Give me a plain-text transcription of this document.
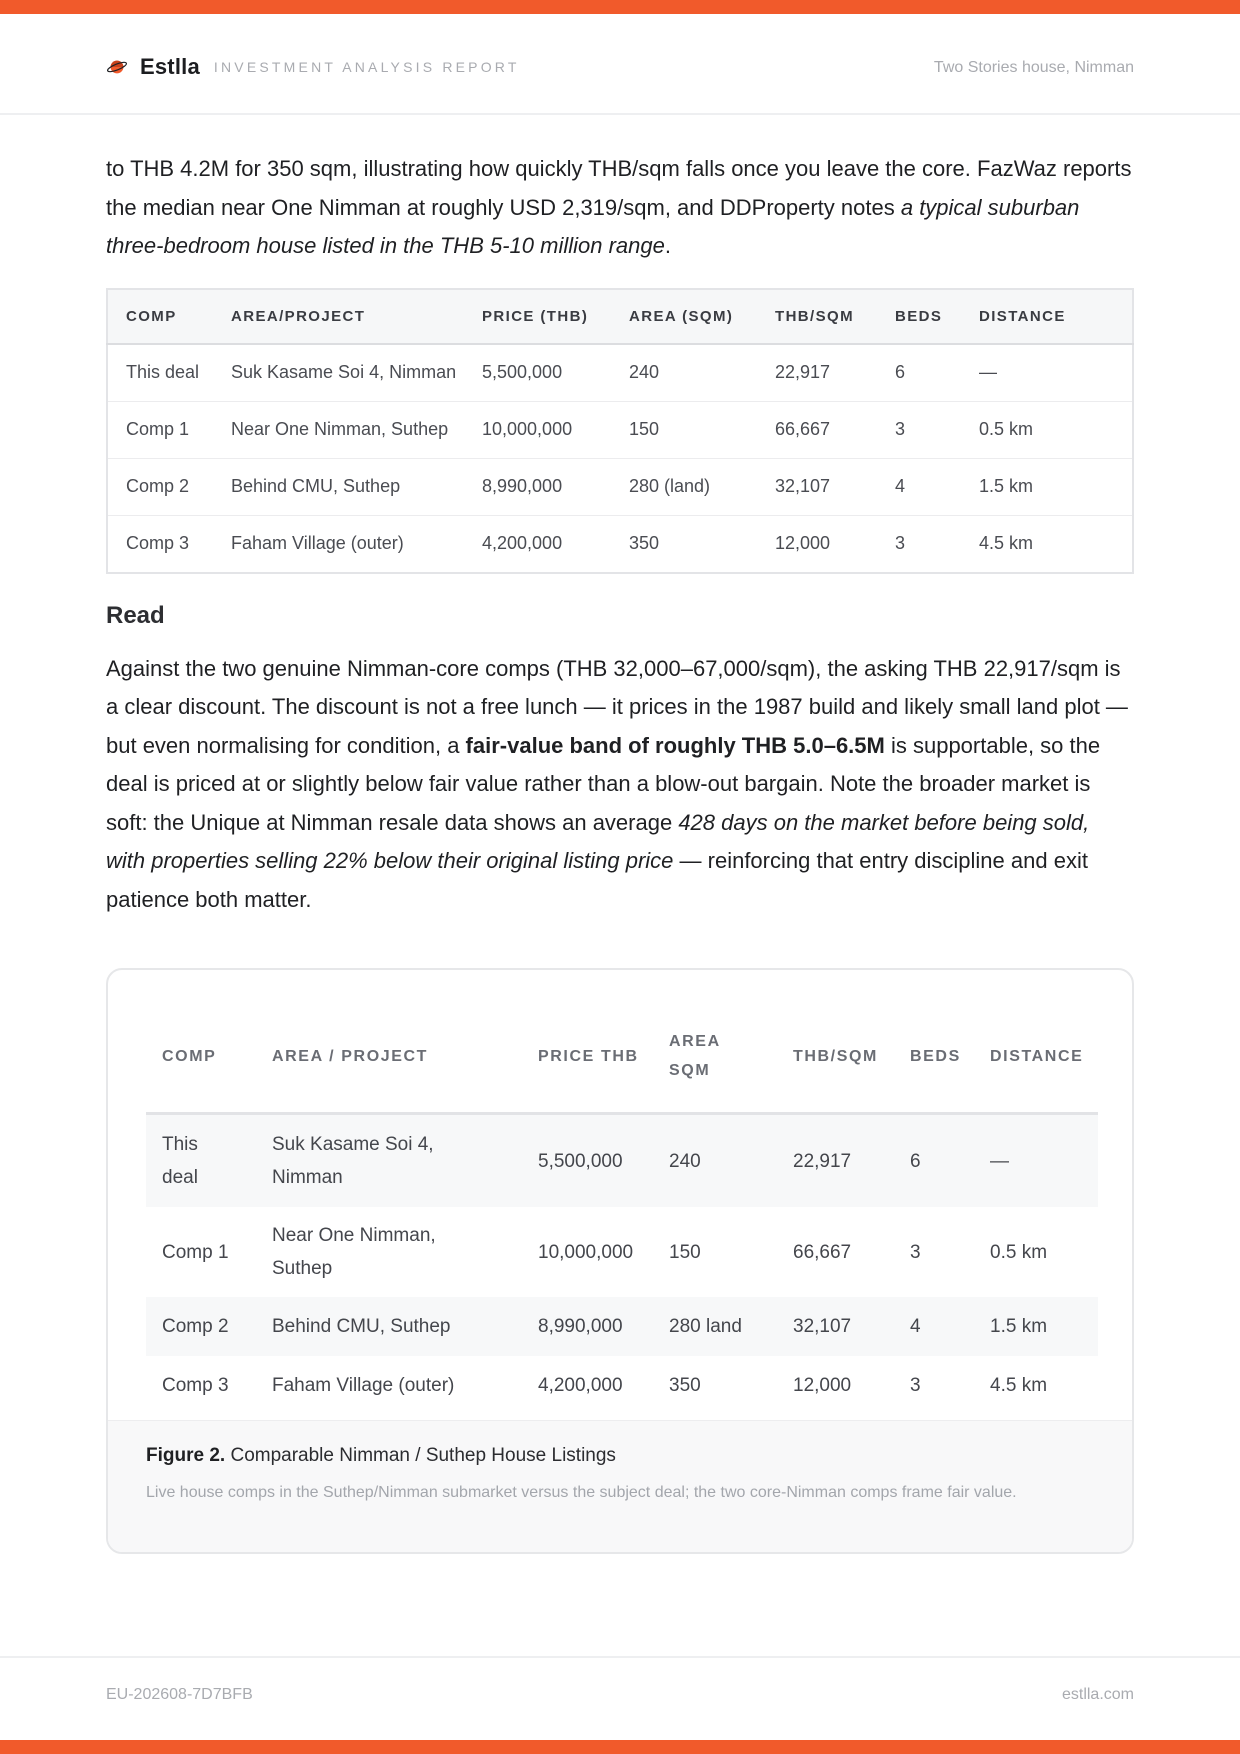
Estlla INVESTMENT ANALYSIS REPORT	Two Stories house, Nimman

to THB 4.2M for 350 sqm, illustrating how quickly THB/sqm falls once you leave the core. FazWaz reports the median near One Nimman at roughly USD 2,319/sqm, and DDProperty notes a typical suburban three-bedroom house listed in the THB 5-10 million range.

COMP	AREA/PROJECT	PRICE (THB)	AREA (SQM)	THB/SQM	BEDS	DISTANCE
This deal	Suk Kasame Soi 4, Nimman	5,500,000	240	22,917	6	—
Comp 1	Near One Nimman, Suthep	10,000,000	150	66,667	3	0.5 km
Comp 2	Behind CMU, Suthep	8,990,000	280 (land)	32,107	4	1.5 km
Comp 3	Faham Village (outer)	4,200,000	350	12,000	3	4.5 km
Read

Against the two genuine Nimman-core comps (THB 32,000–67,000/sqm), the asking THB 22,917/sqm is a clear discount. The discount is not a free lunch — it prices in the 1987 build and likely small land plot — but even normalising for condition, a fair-value band of roughly THB 5.0–6.5M is supportable, so the deal is priced at or slightly below fair value rather than a blow-out bargain. Note the broader market is soft: the Unique at Nimman resale data shows an average 428 days on the market before being sold, with properties selling 22% below their original listing price — reinforcing that entry discipline and exit patience both matter.

COMP	AREA / PROJECT	PRICE THB	AREA SQM	THB/SQM	BEDS	DISTANCE
This deal	Suk Kasame Soi 4, Nimman	5,500,000	240	22,917	6	—
Comp 1	Near One Nimman, Suthep	10,000,000	150	66,667	3	0.5 km
Comp 2	Behind CMU, Suthep	8,990,000	280 land	32,107	4	1.5 km
Comp 3	Faham Village (outer)	4,200,000	350	12,000	3	4.5 km
Figure 2. Comparable Nimman / Suthep House Listings
Live house comps in the Suthep/Nimman submarket versus the subject deal; the two core-Nimman comps frame fair value.
EU-202608-7D7BFB	estlla.com
